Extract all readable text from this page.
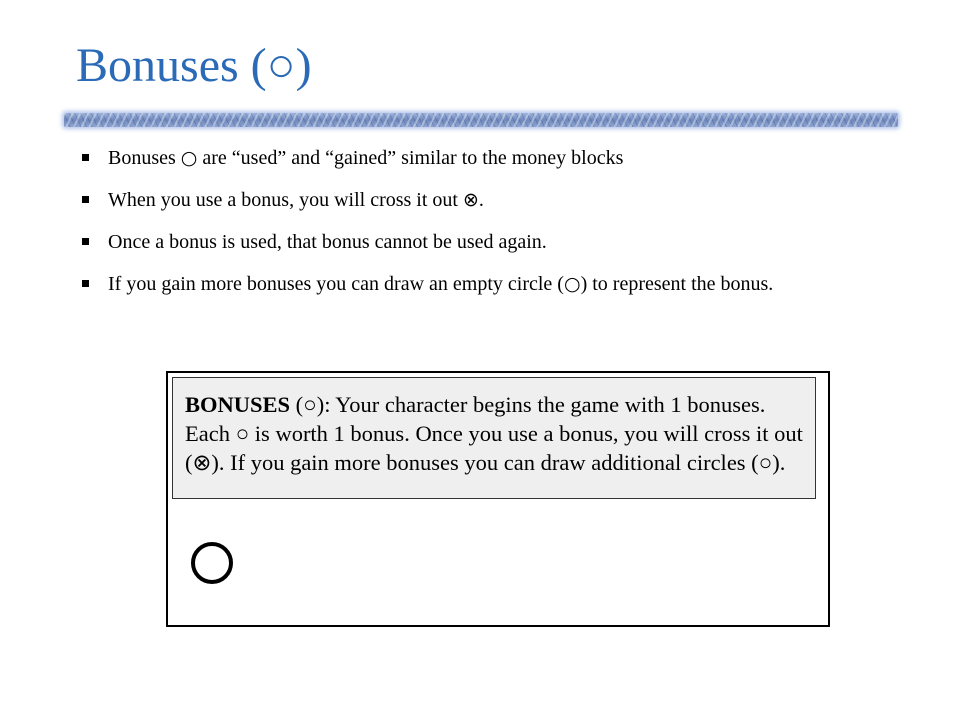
Bonuses (○)
Bonuses ○ are “used” and “gained” similar to the money blocks
When you use a bonus, you will cross it out ⊗.
Once a bonus is used, that bonus cannot be used again.
If you gain more bonuses you can draw an empty circle (○) to represent the bonus.
BONUSES (○): Your character begins the game with 1 bonuses. Each ○ is worth 1 bonus. Once you use a bonus, you will cross it out (⊗). If you gain more bonuses you can draw additional circles (○).
